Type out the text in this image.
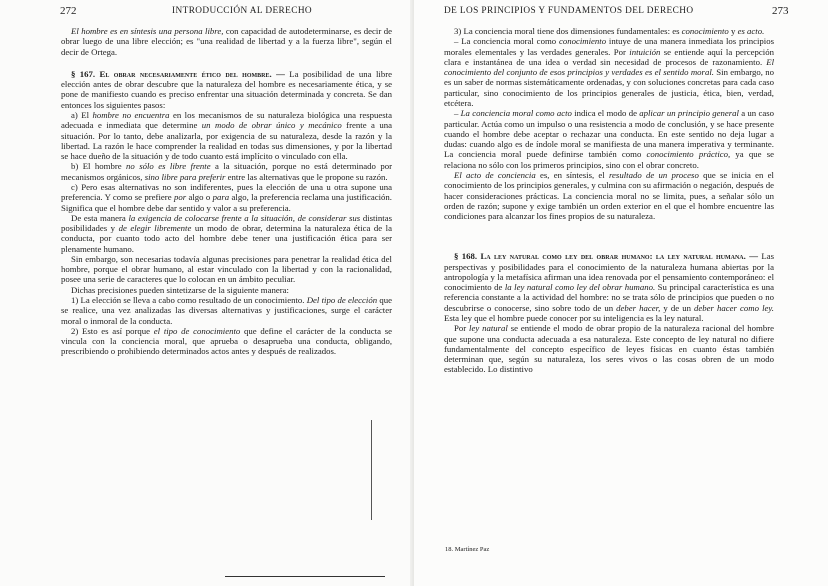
272	INTRODUCCIÓN AL DERECHO

El hombre es en síntesis una persona libre, con capacidad de autodeterminarse, es decir de obrar luego de una libre elección; es "una realidad de libertad y a la fuerza libre", según el decir de Ortega.

§ 167. El obrar necesariamente ético del hombre. — La posibilidad de una libre elección antes de obrar descubre que la naturaleza del hombre es necesariamente ética, y se pone de manifiesto cuando es preciso enfrentar una situación determinada y concreta. Se dan entonces los siguientes pasos:

a) El hombre no encuentra en los mecanismos de su naturaleza biológica una respuesta adecuada e inmediata que determine un modo de obrar único y mecánico frente a una situación. Por lo tanto, debe analizarla, por exigencia de su naturaleza, desde la razón y la libertad. La razón le hace comprender la realidad en todas sus dimensiones, y por la libertad se hace dueño de la situación y de todo cuanto está implícito o vinculado con ella.

b) El hombre no sólo es libre frente a la situación, porque no está determinado por mecanismos orgánicos, sino libre para preferir entre las alternativas que le propone su razón.

c) Pero esas alternativas no son indiferentes, pues la elección de una u otra supone una preferencia. Y como se prefiere por algo o para algo, la preferencia reclama una justificación. Significa que el hombre debe dar sentido y valor a su preferencia.

De esta manera la exigencia de colocarse frente a la situación, de considerar sus distintas posibilidades y de elegir libremente un modo de obrar, determina la naturaleza ética de la conducta, por cuanto todo acto del hombre debe tener una justificación ética para ser plenamente humano.

Sin embargo, son necesarias todavía algunas precisiones para penetrar la realidad ética del hombre, porque el obrar humano, al estar vinculado con la libertad y con la racionalidad, posee una serie de caracteres que lo colocan en un ámbito peculiar.

Dichas precisiones pueden sintetizarse de la siguiente manera:

1) La elección se lleva a cabo como resultado de un conocimiento. Del tipo de elección que se realice, una vez analizadas las diversas alternativas y justificaciones, surge el carácter moral o inmoral de la conducta.

2) Esto es así porque el tipo de conocimiento que define el carácter de la conducta se vincula con la conciencia moral, que aprueba o desaprueba una conducta, obligando, prescribiendo o prohibiendo determinados actos antes y después de realizados.

DE LOS PRINCIPIOS Y FUNDAMENTOS DEL DERECHO	273

3) La conciencia moral tiene dos dimensiones fundamentales: es conocimiento y es acto.

– La conciencia moral como conocimiento intuye de una manera inmediata los principios morales elementales y las verdades generales. Por intuición se entiende aquí la percepción clara e instantánea de una idea o verdad sin necesidad de procesos de razonamiento. El conocimiento del conjunto de esos principios y verdades es el sentido moral. Sin embargo, no es un saber de normas sistemáticamente ordenadas, y con soluciones concretas para cada caso particular, sino conocimiento de los principios generales de justicia, ética, bien, verdad, etcétera.

– La conciencia moral como acto indica el modo de aplicar un principio general a un caso particular. Actúa como un impulso o una resistencia a modo de conclusión, y se hace presente cuando el hombre debe aceptar o rechazar una conducta. En este sentido no deja lugar a dudas: cuando algo es de índole moral se manifiesta de una manera imperativa y terminante. La conciencia moral puede definirse también como conocimiento práctico, ya que se relaciona no sólo con los primeros principios, sino con el obrar concreto.

El acto de conciencia es, en síntesis, el resultado de un proceso que se inicia en el conocimiento de los principios generales, y culmina con su afirmación o negación, después de hacer consideraciones prácticas. La conciencia moral no se limita, pues, a señalar sólo un orden de razón; supone y exige también un orden exterior en el que el hombre encuentre las condiciones para alcanzar los fines propios de su naturaleza.

§ 168. La ley natural como ley del obrar humano: la ley natural humana. — Las perspectivas y posibilidades para el conocimiento de la naturaleza humana abiertas por la antropología y la metafísica afirman una idea renovada por el pensamiento contemporáneo: el conocimiento de la ley natural como ley del obrar humano. Su principal característica es una referencia constante a la actividad del hombre: no se trata sólo de principios que pueden o no descubrirse o conocerse, sino sobre todo de un deber hacer, y de un deber hacer como ley. Esta ley que el hombre puede conocer por su inteligencia es la ley natural.

Por ley natural se entiende el modo de obrar propio de la naturaleza racional del hombre que supone una conducta adecuada a esa naturaleza. Este concepto de ley natural no difiere fundamentalmente del concepto específico de leyes físicas en cuanto éstas también determinan que, según su naturaleza, los seres vivos o las cosas obren de un modo establecido. Lo distintivo

18. Martínez Paz
